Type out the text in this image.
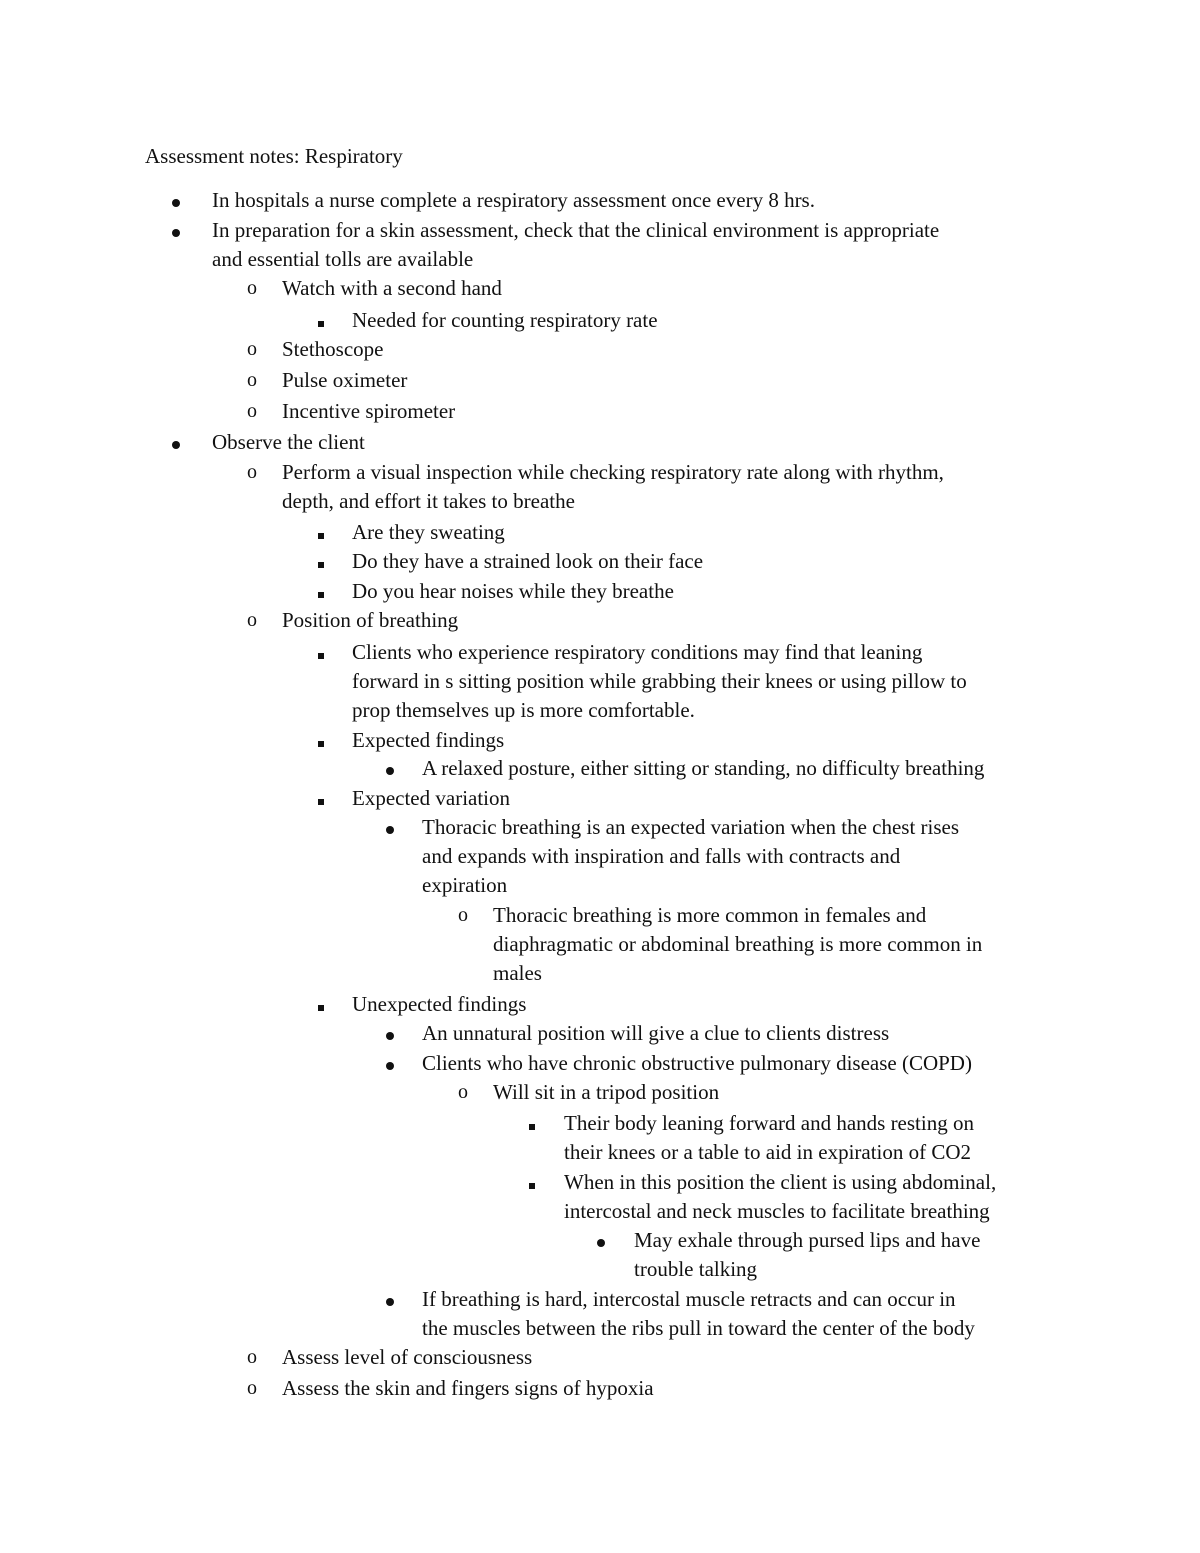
Assessment notes: Respiratory
In hospitals a nurse complete a respiratory assessment once every 8 hrs.
In preparation for a skin assessment, check that the clinical environment is appropriate
and essential tolls are available
o Watch with a second hand
Needed for counting respiratory rate
o Stethoscope
o Pulse oximeter
o Incentive spirometer
Observe the client
o Perform a visual inspection while checking respiratory rate along with rhythm,
depth, and effort it takes to breathe
Are they sweating
Do they have a strained look on their face
Do you hear noises while they breathe
o Position of breathing
Clients who experience respiratory conditions may find that leaning
forward in s sitting position while grabbing their knees or using pillow to
prop themselves up is more comfortable.
Expected findings
A relaxed posture, either sitting or standing, no difficulty breathing
Expected variation
Thoracic breathing is an expected variation when the chest rises
and expands with inspiration and falls with contracts and
expiration
o Thoracic breathing is more common in females and
diaphragmatic or abdominal breathing is more common in
males
Unexpected findings
An unnatural position will give a clue to clients distress
Clients who have chronic obstructive pulmonary disease (COPD)
o Will sit in a tripod position
Their body leaning forward and hands resting on
their knees or a table to aid in expiration of CO2
When in this position the client is using abdominal,
intercostal and neck muscles to facilitate breathing
May exhale through pursed lips and have
trouble talking
If breathing is hard, intercostal muscle retracts and can occur in
the muscles between the ribs pull in toward the center of the body
o Assess level of consciousness
o Assess the skin and fingers signs of hypoxia
